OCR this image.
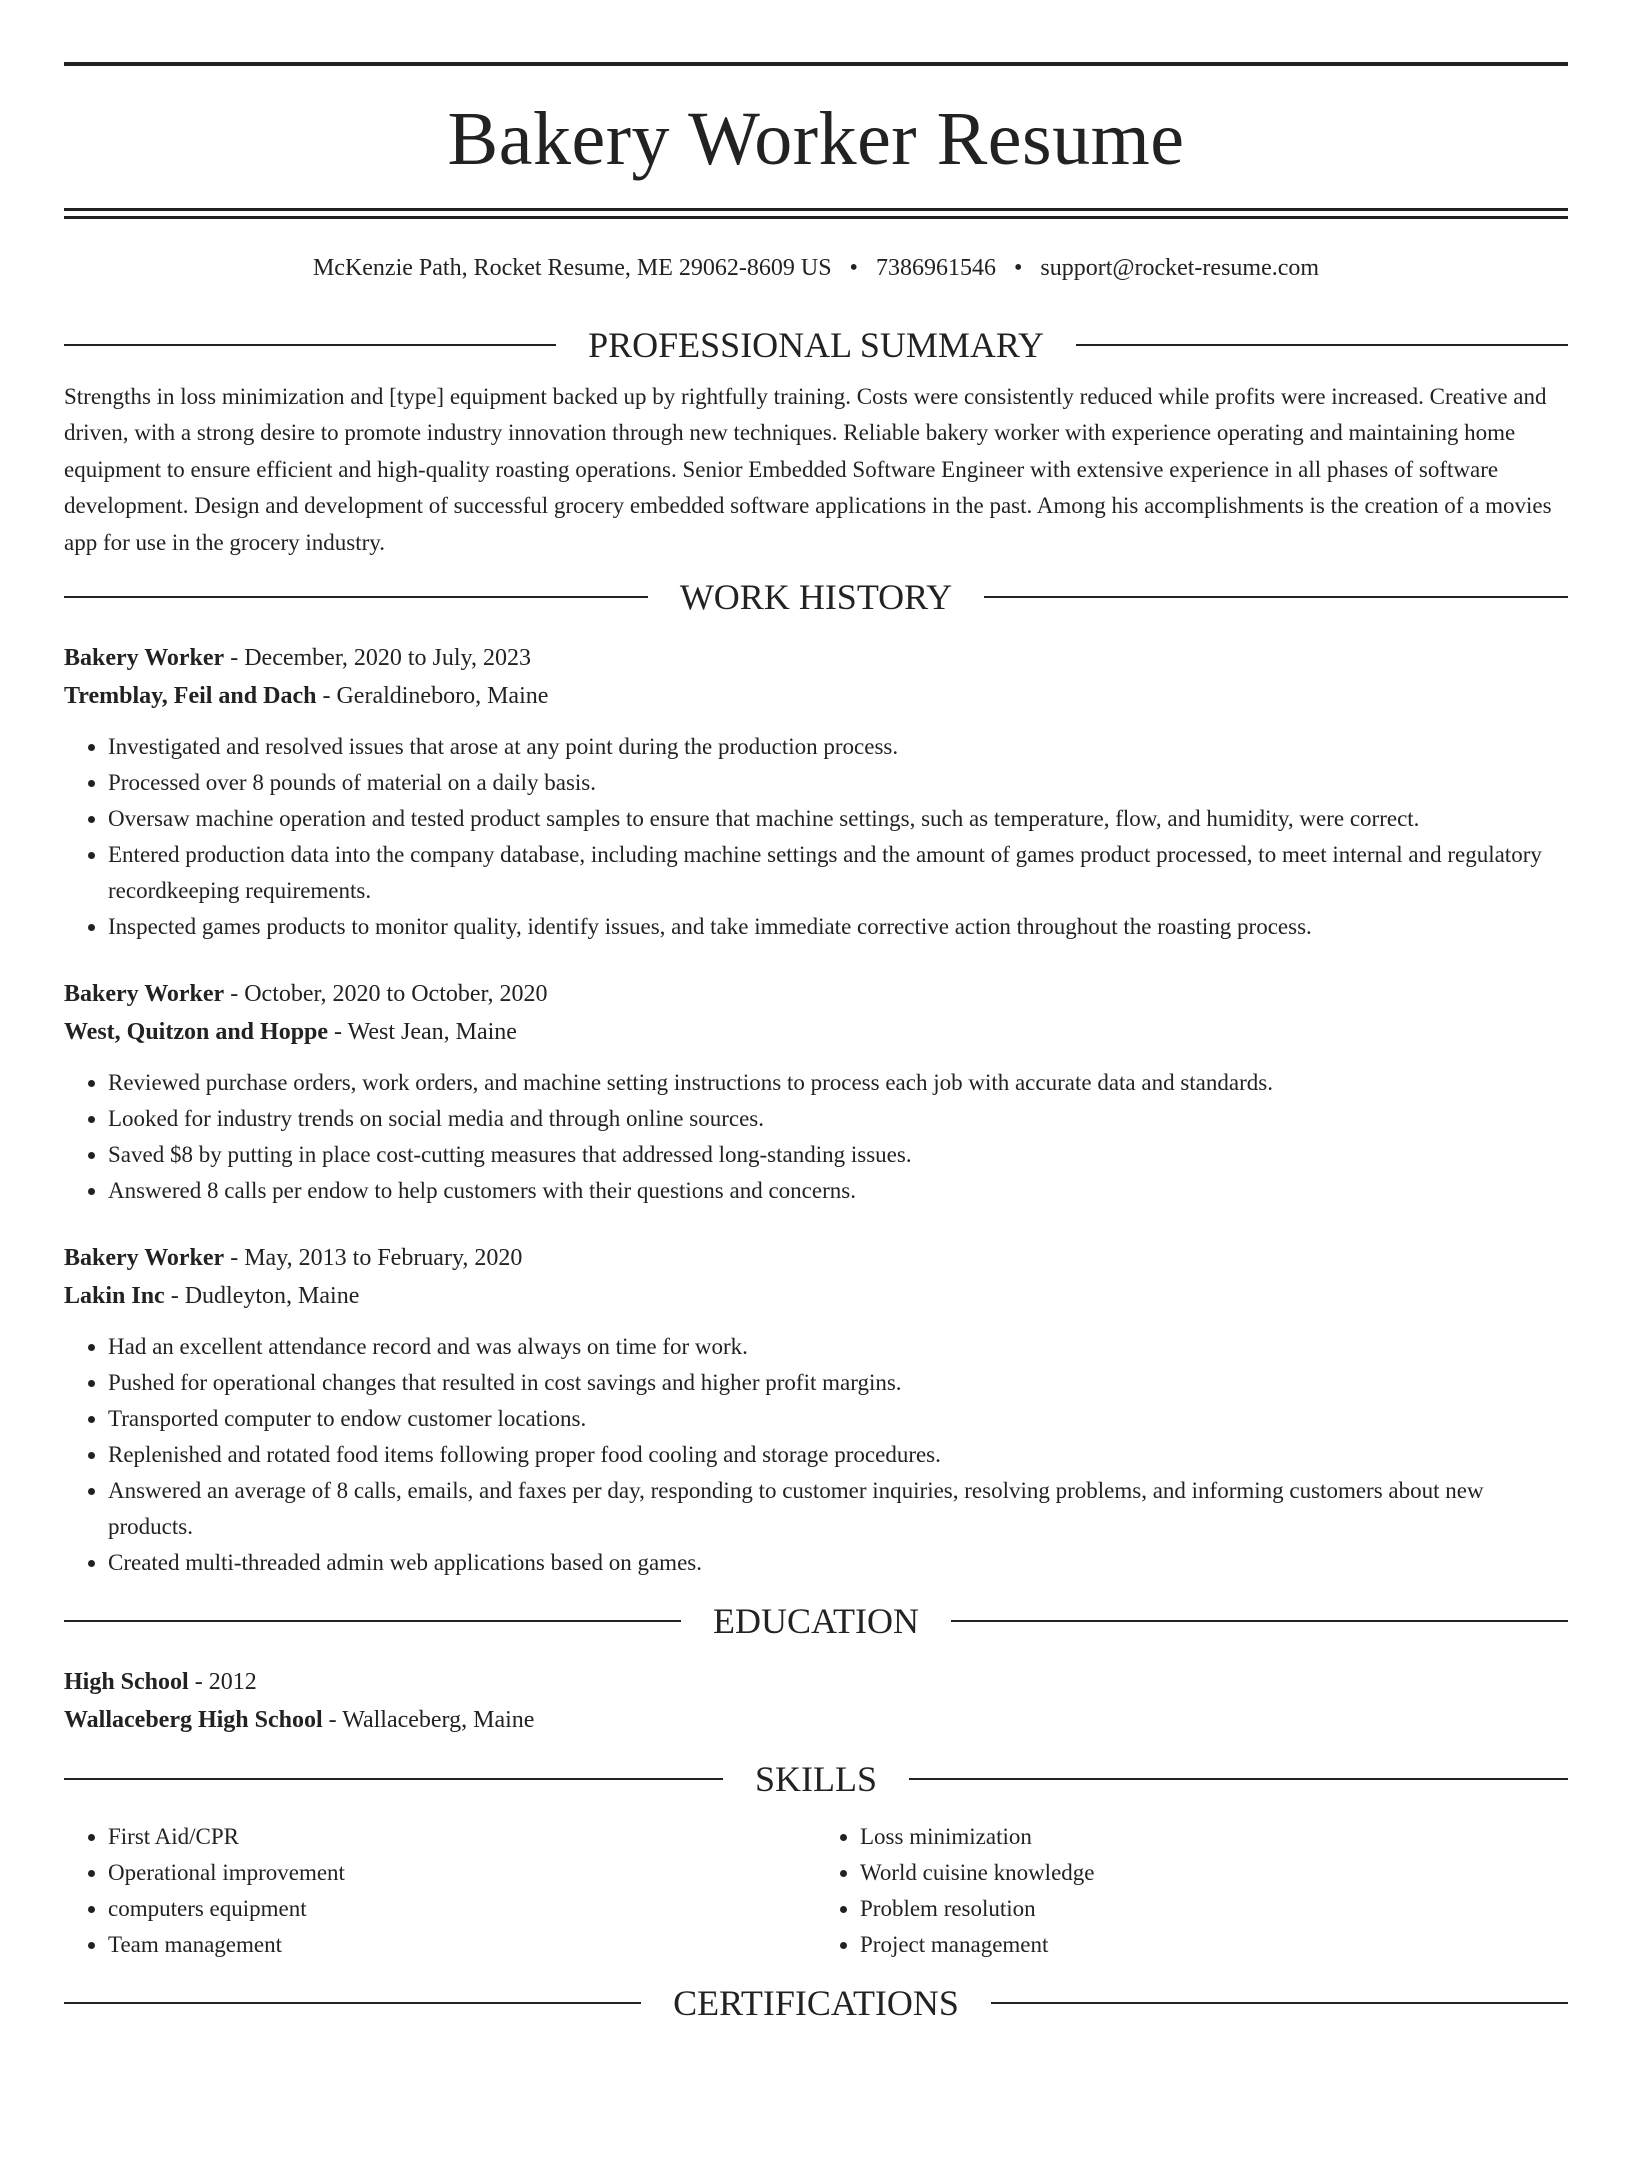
Bakery Worker Resume
McKenzie Path, Rocket Resume, ME 29062-8609 US • 7386961546 • support@rocket-resume.com
PROFESSIONAL SUMMARY

Strengths in loss minimization and [type] equipment backed up by rightfully training. Costs were consistently reduced while profits were increased. Creative and driven, with a strong desire to promote industry innovation through new techniques. Reliable bakery worker with experience operating and maintaining home equipment to ensure efficient and high-quality roasting operations. Senior Embedded Software Engineer with extensive experience in all phases of software development. Design and development of successful grocery embedded software applications in the past. Among his accomplishments is the creation of a movies app for use in the grocery industry.

WORK HISTORY
Bakery Worker - December, 2020 to July, 2023
Tremblay, Feil and Dach - Geraldineboro, Maine
• Investigated and resolved issues that arose at any point during the production process.
• Processed over 8 pounds of material on a daily basis.
• Oversaw machine operation and tested product samples to ensure that machine settings, such as temperature, flow, and humidity, were correct.
• Entered production data into the company database, including machine settings and the amount of games product processed, to meet internal and regulatory recordkeeping requirements.
• Inspected games products to monitor quality, identify issues, and take immediate corrective action throughout the roasting process.
Bakery Worker - October, 2020 to October, 2020
West, Quitzon and Hoppe - West Jean, Maine
• Reviewed purchase orders, work orders, and machine setting instructions to process each job with accurate data and standards.
• Looked for industry trends on social media and through online sources.
• Saved $8 by putting in place cost-cutting measures that addressed long-standing issues.
• Answered 8 calls per endow to help customers with their questions and concerns.
Bakery Worker - May, 2013 to February, 2020
Lakin Inc - Dudleyton, Maine
• Had an excellent attendance record and was always on time for work.
• Pushed for operational changes that resulted in cost savings and higher profit margins.
• Transported computer to endow customer locations.
• Replenished and rotated food items following proper food cooling and storage procedures.
• Answered an average of 8 calls, emails, and faxes per day, responding to customer inquiries, resolving problems, and informing customers about new products.
• Created multi-threaded admin web applications based on games.
EDUCATION
High School - 2012
Wallaceberg High School - Wallaceberg, Maine
SKILLS
• First Aid/CPR
• Operational improvement
• computers equipment
• Team management
• Loss minimization
• World cuisine knowledge
• Problem resolution
• Project management
CERTIFICATIONS
